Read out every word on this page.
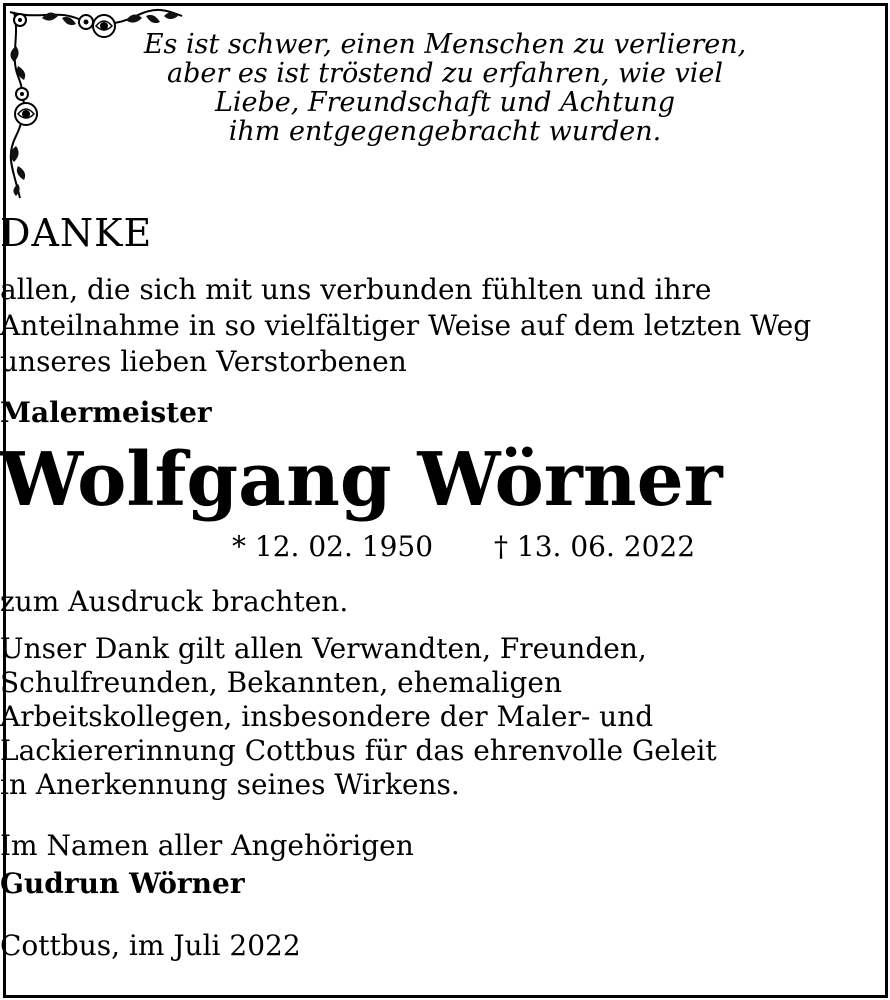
Es ist schwer, einen Menschen zu verlieren,
aber es ist tröstend zu erfahren, wie viel
Liebe, Freundschaft und Achtung
ihm entgegengebracht wurden.
DANKE
allen, die sich mit uns verbunden fühlten und ihre
Anteilnahme in so vielfältiger Weise auf dem letzten Weg
unseres lieben Verstorbenen
Malermeister
Wolfgang Wörner
* 12. 02. 1950 † 13. 06. 2022
zum Ausdruck brachten.
Unser Dank gilt allen Verwandten, Freunden,
Schulfreunden, Bekannten, ehemaligen
Arbeitskollegen, insbesondere der Maler- und
Lackiererinnung Cottbus für das ehrenvolle Geleit
in Anerkennung seines Wirkens.
Im Namen aller Angehörigen
Gudrun Wörner
Cottbus, im Juli 2022
